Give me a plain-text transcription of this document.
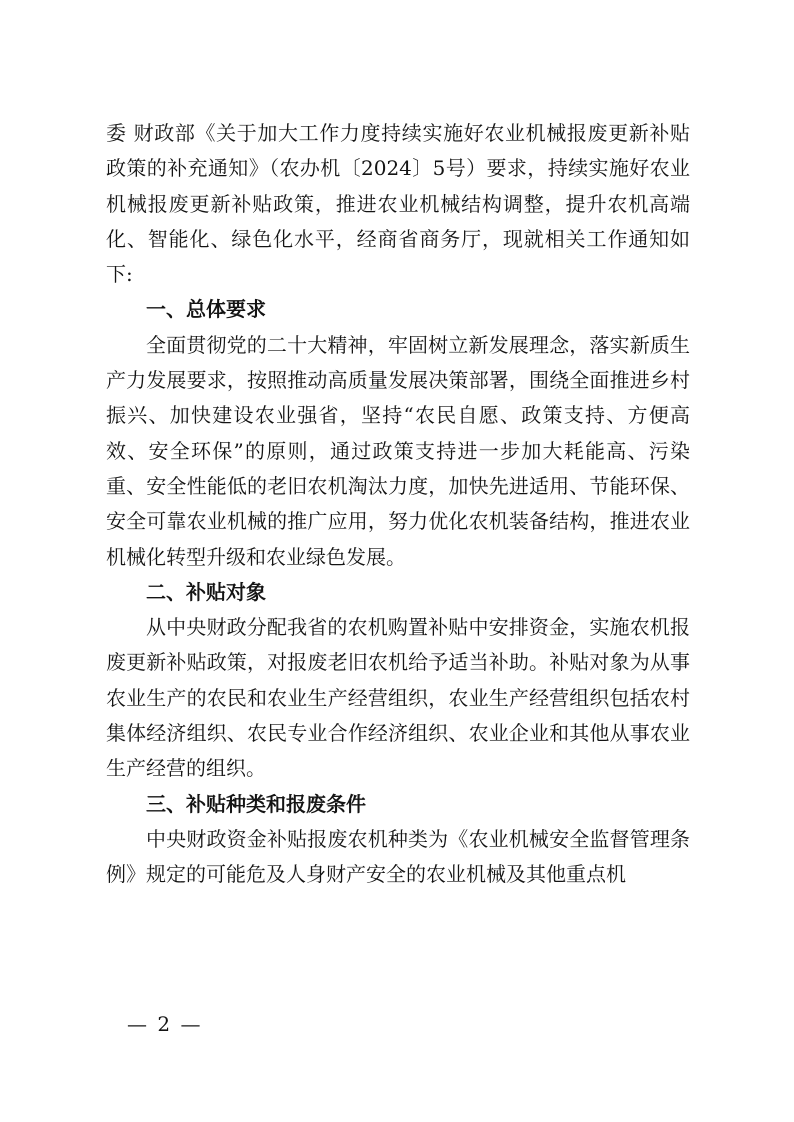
委 财政部《关于加大工作力度持续实施好农业机械报废更新补贴政策的补充通知》（农办机〔2024〕5号）要求，持续实施好农业机械报废更新补贴政策，推进农业机械结构调整，提升农机高端化、智能化、绿色化水平，经商省商务厅，现就相关工作通知如下:

一、总体要求

全面贯彻党的二十大精神，牢固树立新发展理念，落实新质生产力发展要求，按照推动高质量发展决策部署，围绕全面推进乡村振兴、加快建设农业强省，坚持“农民自愿、政策支持、方便高效、安全环保”的原则，通过政策支持进一步加大耗能高、污染重、安全性能低的老旧农机淘汰力度，加快先进适用、节能环保、安全可靠农业机械的推广应用，努力优化农机装备结构，推进农业机械化转型升级和农业绿色发展。

二、补贴对象

从中央财政分配我省的农机购置补贴中安排资金，实施农机报废更新补贴政策，对报废老旧农机给予适当补助。补贴对象为从事农业生产的农民和农业生产经营组织，农业生产经营组织包括农村集体经济组织、农民专业合作经济组织、农业企业和其他从事农业生产经营的组织。

三、补贴种类和报废条件

中央财政资金补贴报废农机种类为《农业机械安全监督管理条例》规定的可能危及人身财产安全的农业机械及其他重点机

— 2 —
